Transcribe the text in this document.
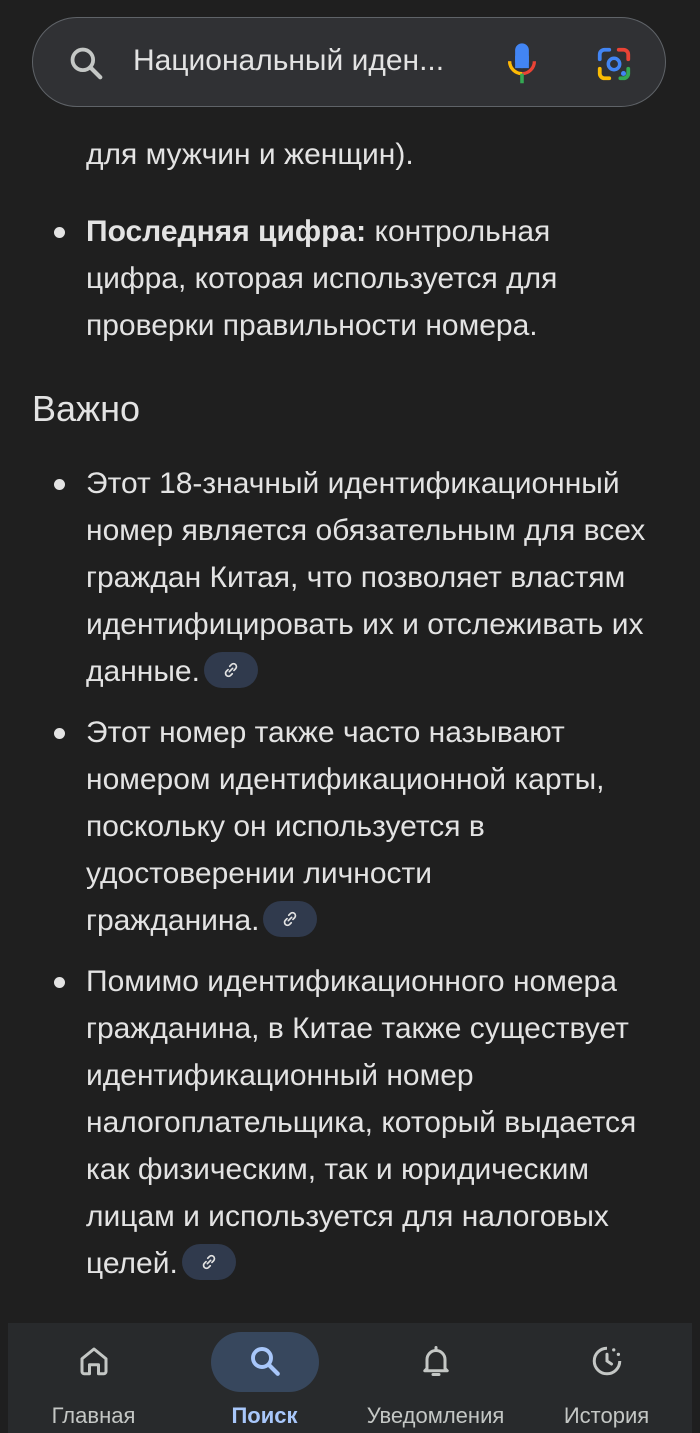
для мужчин и женщин).
Последняя цифра: контрольная
цифра, которая используется для
проверки правильности номера.
Важно
Этот 18-значный идентификационный
номер является обязательным для всех
граждан Китая, что позволяет властям
идентифицировать их и отслеживать их
данные.
Этот номер также часто называют
номером идентификационной карты,
поскольку он используется в
удостоверении личности
гражданина.
Помимо идентификационного номера
гражданина, в Китае также существует
идентификационный номер
налогоплательщика, который выдается
как физическим, так и юридическим
лицам и используется для налоговых
целей.
Национальный иден...
Главная	Поиск	Уведомления	История
